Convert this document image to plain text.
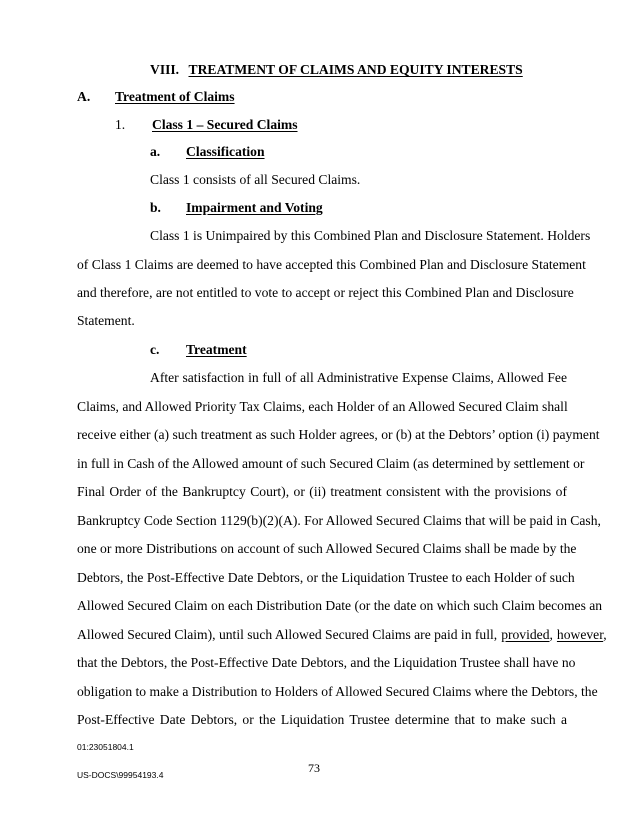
VIII. TREATMENT OF CLAIMS AND EQUITY INTERESTS
A. Treatment of Claims
1. Class 1 – Secured Claims
a. Classification
Class 1 consists of all Secured Claims.
b. Impairment and Voting
Class 1 is Unimpaired by this Combined Plan and Disclosure Statement. Holders
of Class 1 Claims are deemed to have accepted this Combined Plan and Disclosure Statement
and therefore, are not entitled to vote to accept or reject this Combined Plan and Disclosure
Statement.
c. Treatment
After satisfaction in full of all Administrative Expense Claims, Allowed Fee
Claims, and Allowed Priority Tax Claims, each Holder of an Allowed Secured Claim shall
receive either (a) such treatment as such Holder agrees, or (b) at the Debtors’ option (i) payment
in full in Cash of the Allowed amount of such Secured Claim (as determined by settlement or
Final Order of the Bankruptcy Court), or (ii) treatment consistent with the provisions of
Bankruptcy Code Section 1129(b)(2)(A). For Allowed Secured Claims that will be paid in Cash,
one or more Distributions on account of such Allowed Secured Claims shall be made by the
Debtors, the Post-Effective Date Debtors, or the Liquidation Trustee to each Holder of such
Allowed Secured Claim on each Distribution Date (or the date on which such Claim becomes an
Allowed Secured Claim), until such Allowed Secured Claims are paid in full, provided, however,
that the Debtors, the Post-Effective Date Debtors, and the Liquidation Trustee shall have no
obligation to make a Distribution to Holders of Allowed Secured Claims where the Debtors, the
Post-Effective Date Debtors, or the Liquidation Trustee determine that to make such a
01:23051804.1
73
US-DOCS\99954193.4
